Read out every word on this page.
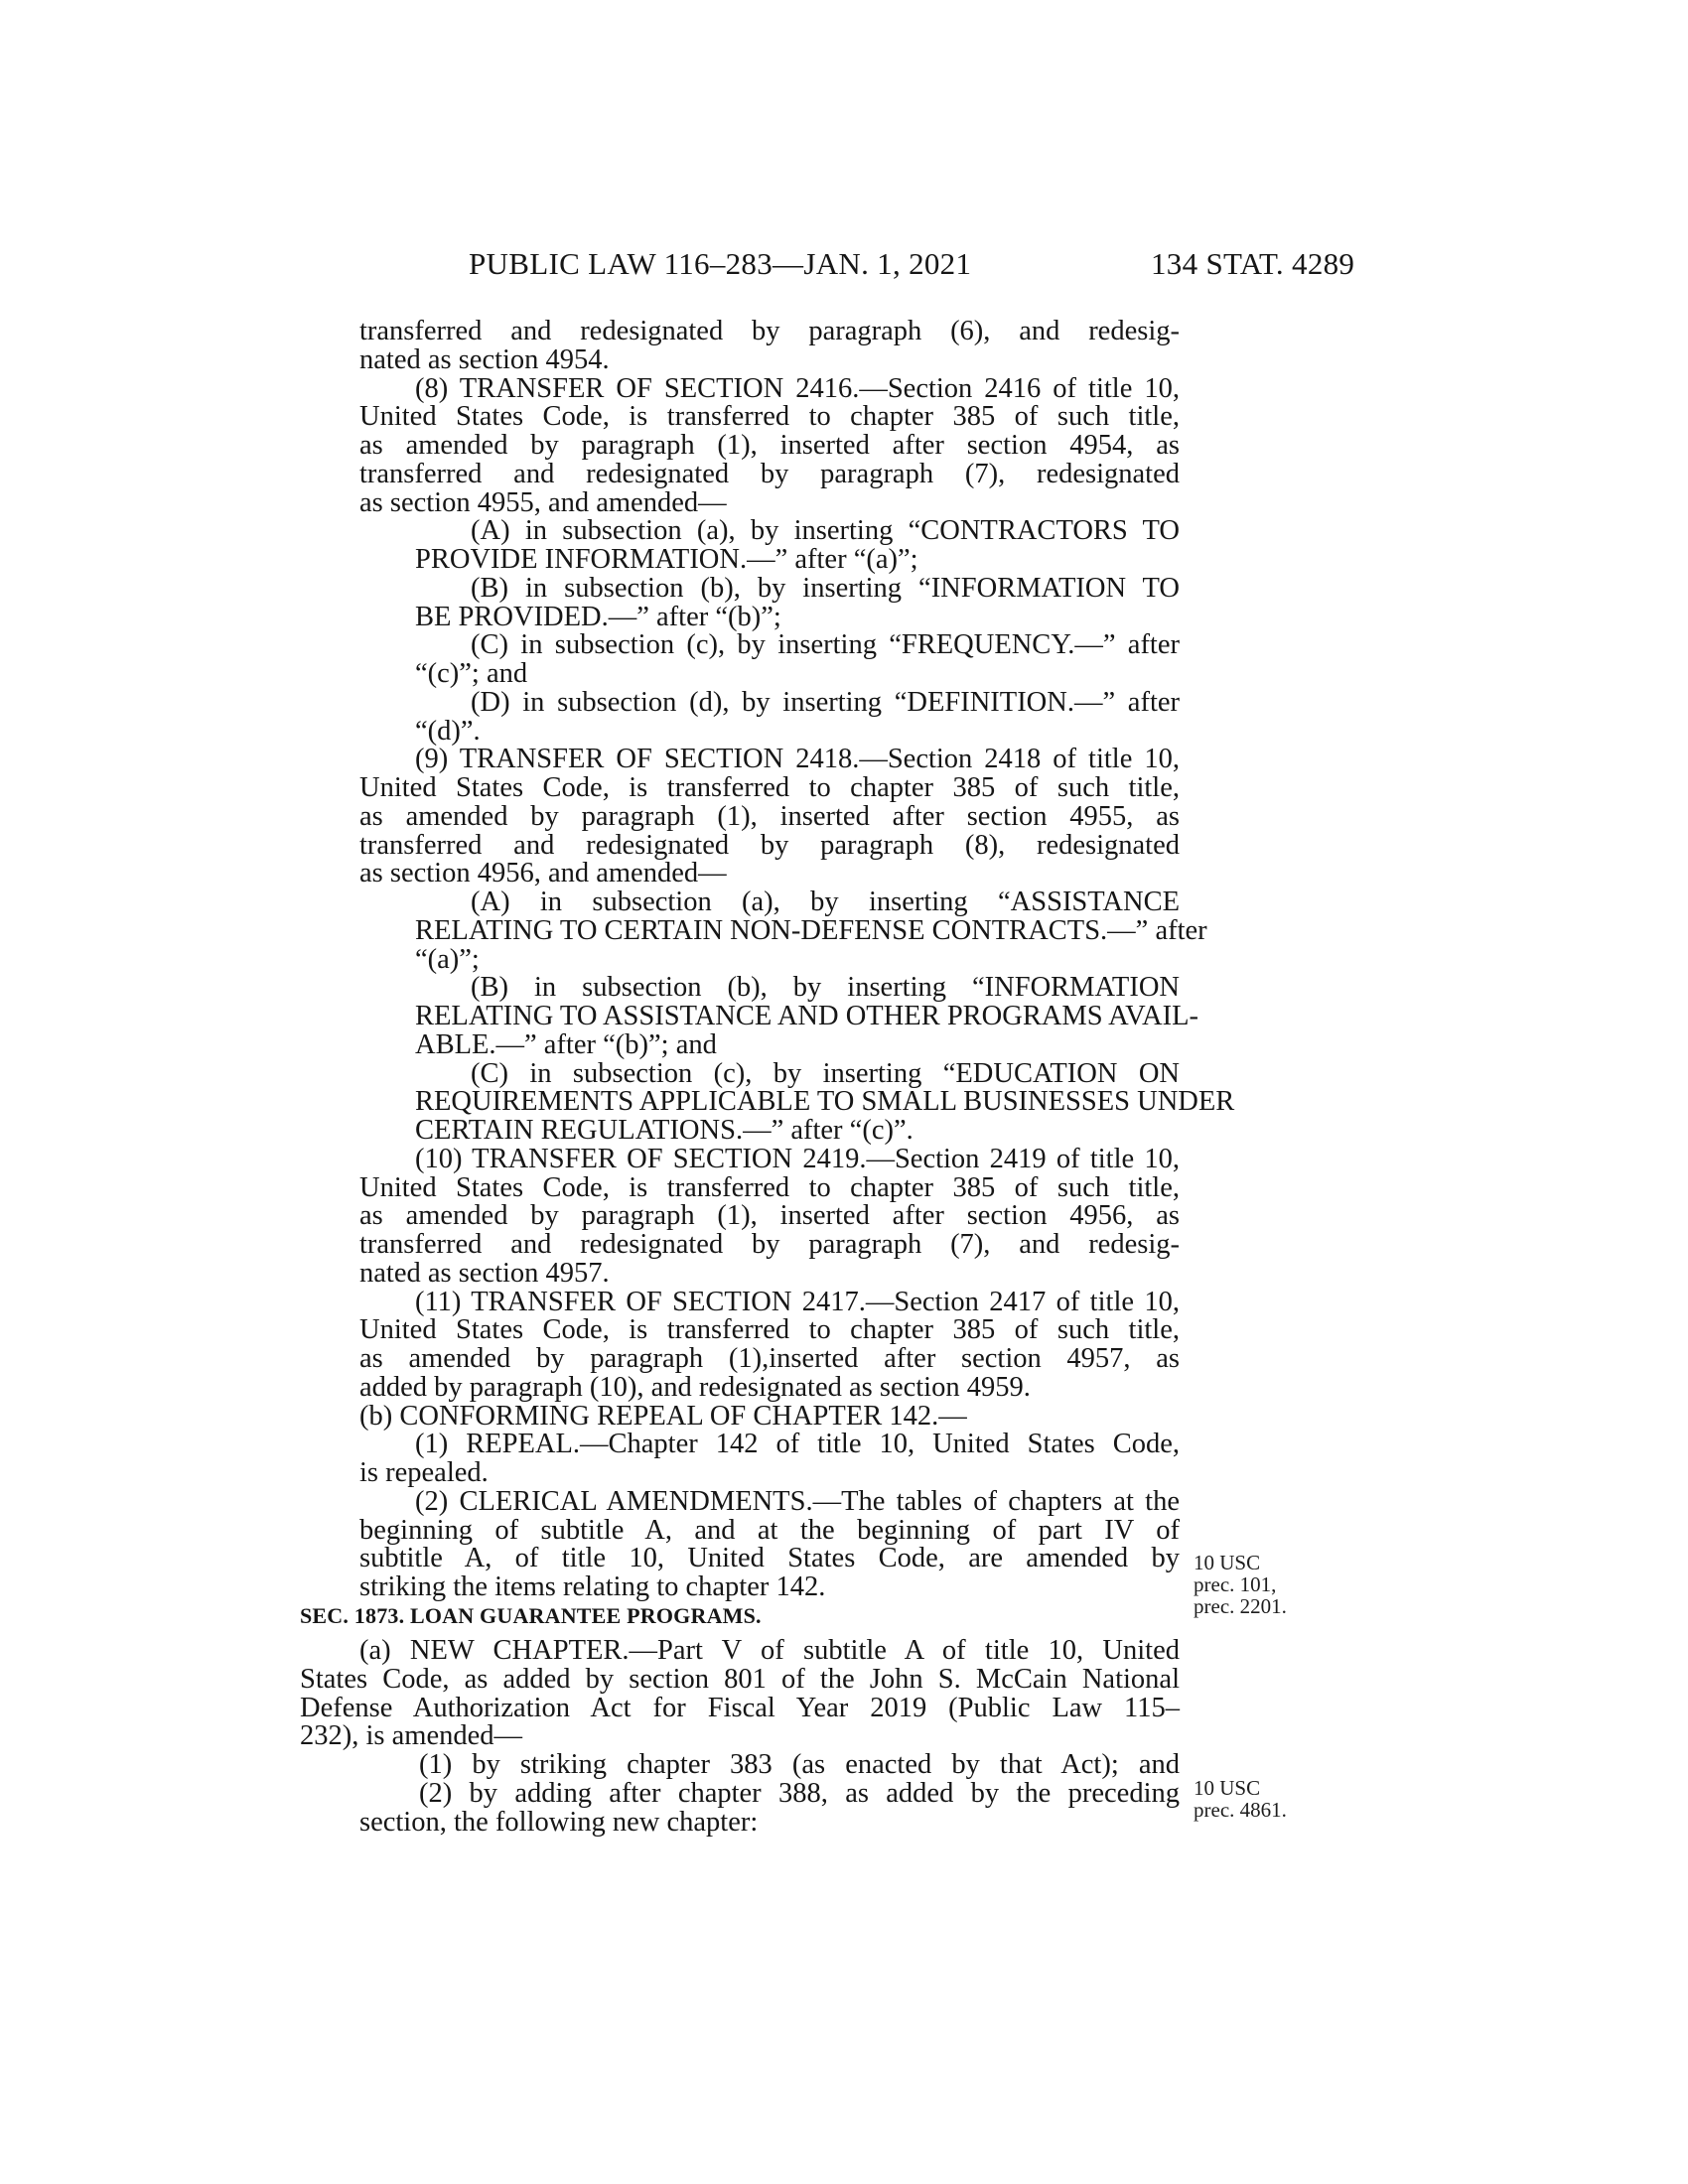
PUBLIC LAW 116–283—JAN. 1, 2021	134 STAT. 4289

transferred and redesignated by paragraph (6), and redesig-

nated as section 4954.

(8) TRANSFER OF SECTION 2416.—Section 2416 of title 10,

United States Code, is transferred to chapter 385 of such title,

as amended by paragraph (1), inserted after section 4954, as

transferred and redesignated by paragraph (7), redesignated

as section 4955, and amended—

(A) in subsection (a), by inserting “CONTRACTORS TO

PROVIDE INFORMATION.—” after “(a)”;

(B) in subsection (b), by inserting “INFORMATION TO

BE PROVIDED.—” after “(b)”;

(C) in subsection (c), by inserting “FREQUENCY.—” after

“(c)”; and

(D) in subsection (d), by inserting “DEFINITION.—” after

“(d)”.

(9) TRANSFER OF SECTION 2418.—Section 2418 of title 10,

United States Code, is transferred to chapter 385 of such title,

as amended by paragraph (1), inserted after section 4955, as

transferred and redesignated by paragraph (8), redesignated

as section 4956, and amended—

(A) in subsection (a), by inserting “ASSISTANCE

RELATING TO CERTAIN NON-DEFENSE CONTRACTS.—” after

“(a)”;

(B) in subsection (b), by inserting “INFORMATION

RELATING TO ASSISTANCE AND OTHER PROGRAMS AVAIL-

ABLE.—” after “(b)”; and

(C) in subsection (c), by inserting “EDUCATION ON

REQUIREMENTS APPLICABLE TO SMALL BUSINESSES UNDER

CERTAIN REGULATIONS.—” after “(c)”.

(10) TRANSFER OF SECTION 2419.—Section 2419 of title 10,

United States Code, is transferred to chapter 385 of such title,

as amended by paragraph (1), inserted after section 4956, as

transferred and redesignated by paragraph (7), and redesig-

nated as section 4957.

(11) TRANSFER OF SECTION 2417.—Section 2417 of title 10,

United States Code, is transferred to chapter 385 of such title,

as amended by paragraph (1),inserted after section 4957, as

added by paragraph (10), and redesignated as section 4959.

(b) CONFORMING REPEAL OF CHAPTER 142.—

(1) REPEAL.—Chapter 142 of title 10, United States Code,

is repealed.

(2) CLERICAL AMENDMENTS.—The tables of chapters at the

beginning of subtitle A, and at the beginning of part IV of

subtitle A, of title 10, United States Code, are amended by

striking the items relating to chapter 142.

10 USC
prec. 101,
prec. 2201.
SEC. 1873. LOAN GUARANTEE PROGRAMS.

(a) NEW CHAPTER.—Part V of subtitle A of title 10, United

States Code, as added by section 801 of the John S. McCain National

Defense Authorization Act for Fiscal Year 2019 (Public Law 115–

232), is amended—

(1) by striking chapter 383 (as enacted by that Act); and

(2) by adding after chapter 388, as added by the preceding

section, the following new chapter:

10 USC
prec. 4861.
